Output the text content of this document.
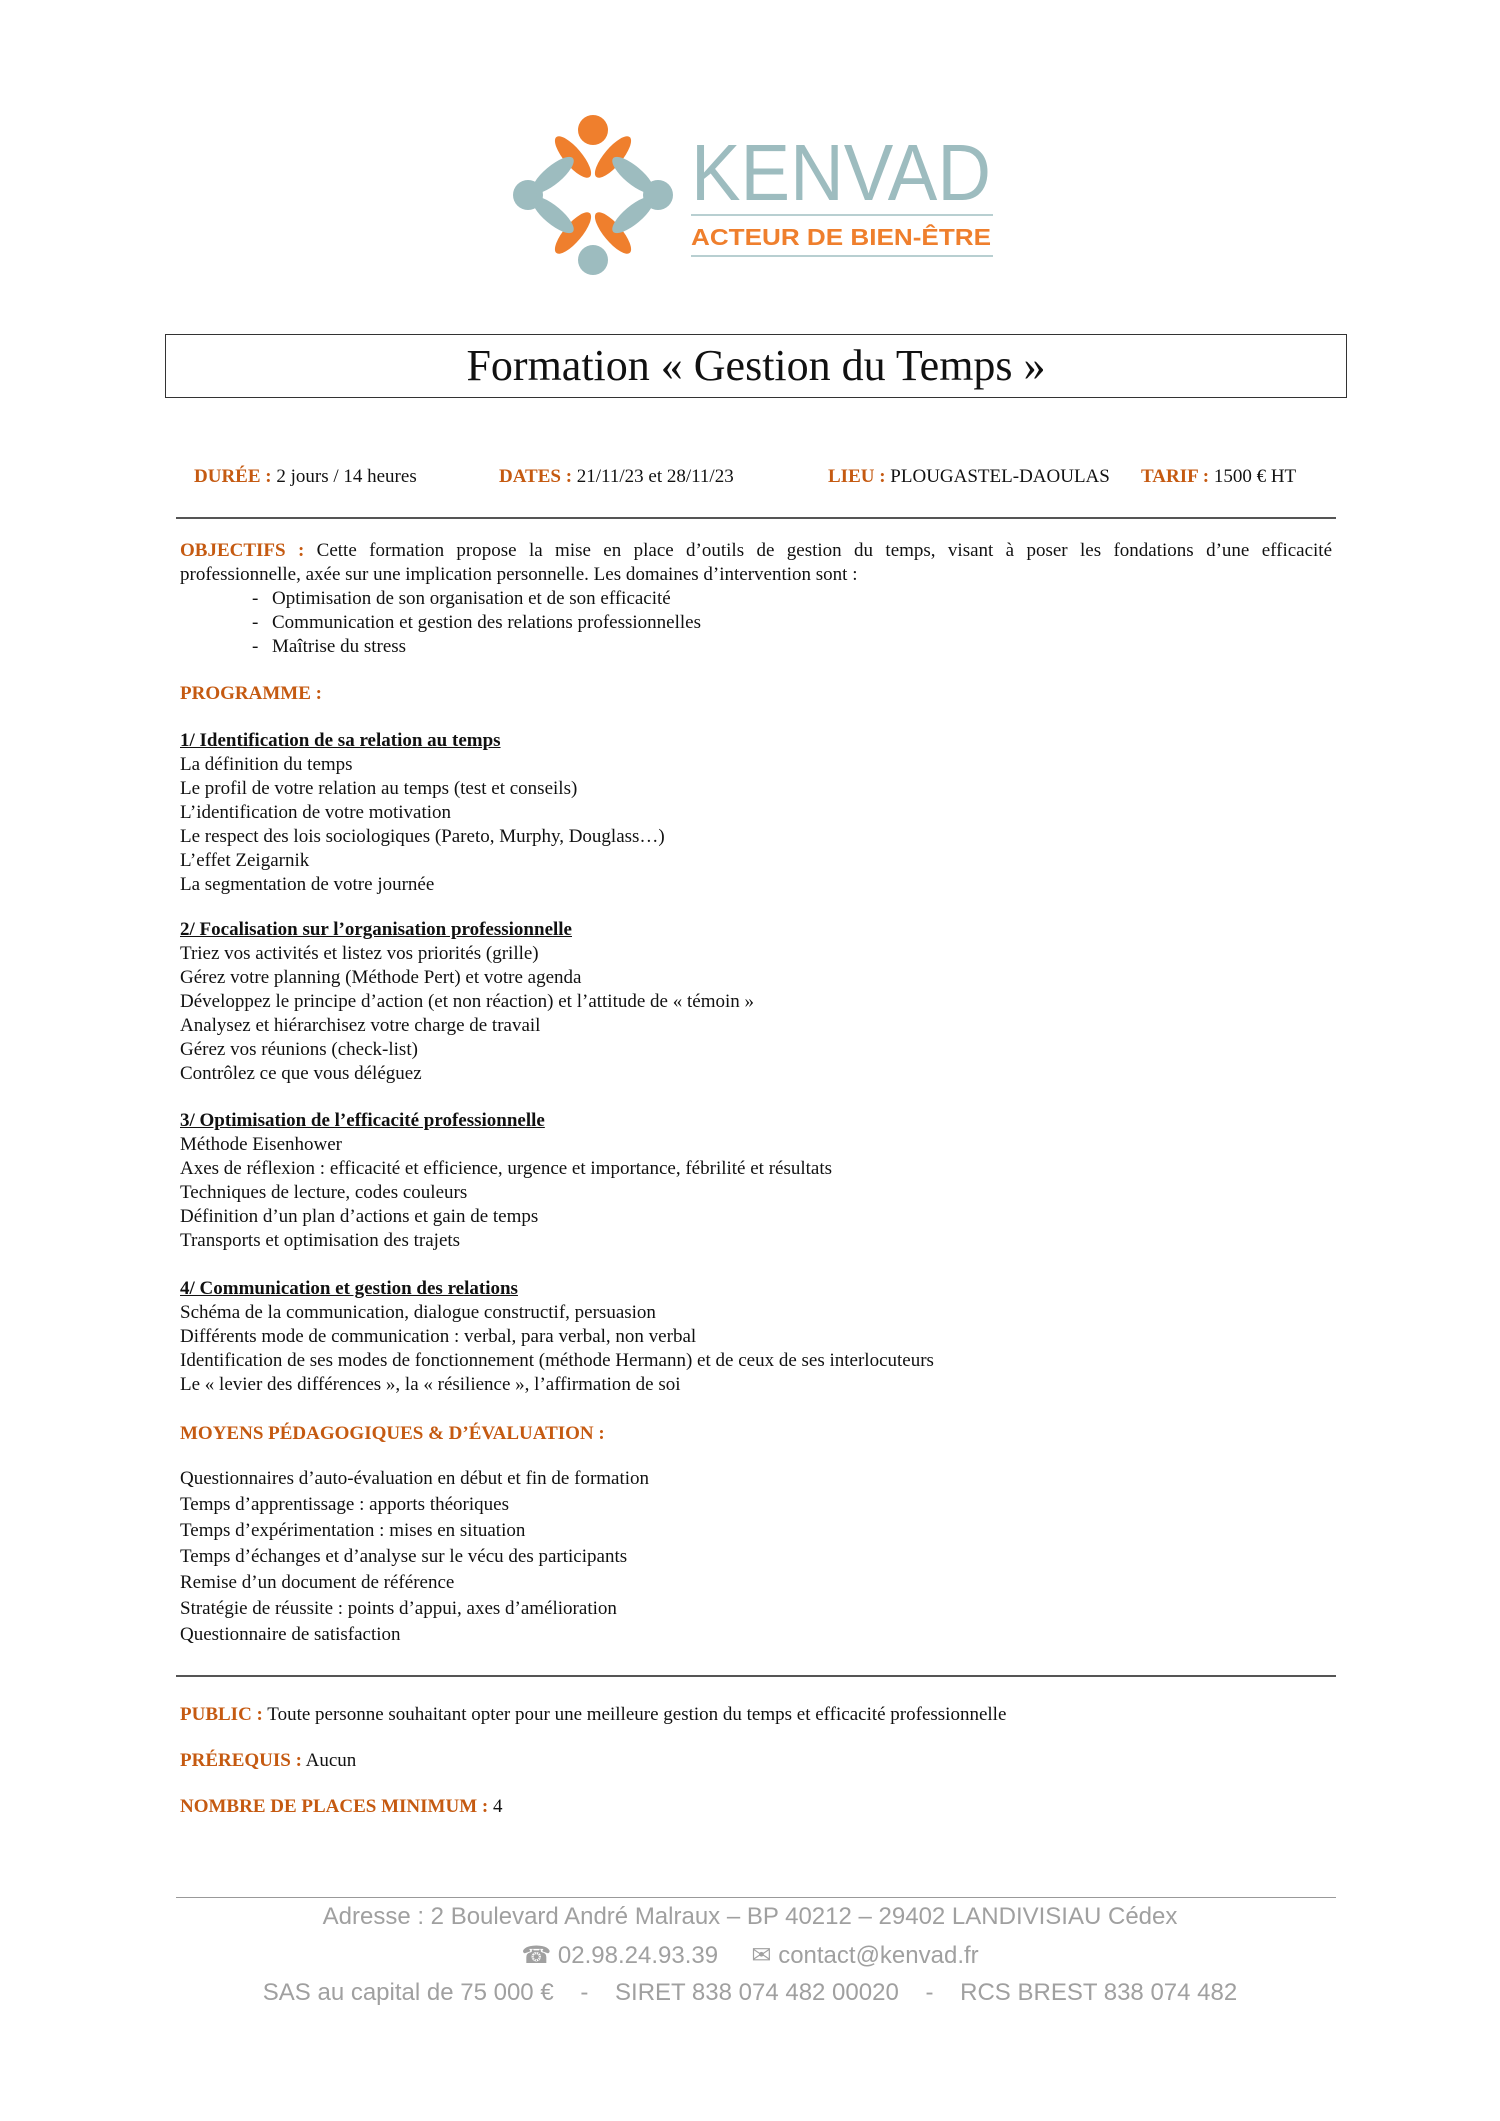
KENVAD
ACTEUR DE BIEN-ÊTRE
Formation « Gestion du Temps »
DURÉE : 2 jours / 14 heures	DATES : 21/11/23 et 28/11/23	LIEU : PLOUGASTEL-DAOULAS TARIF : 1500 € HT
OBJECTIFS : Cette formation propose la mise en place d’outils de gestion du temps, visant à poser les fondations d’une efficacité
professionnelle, axée sur une implication personnelle. Les domaines d’intervention sont :
- Optimisation de son organisation et de son efficacité
- Communication et gestion des relations professionnelles
- Maîtrise du stress
PROGRAMME :
1/ Identification de sa relation au temps
La définition du temps
Le profil de votre relation au temps (test et conseils)
L’identification de votre motivation
Le respect des lois sociologiques (Pareto, Murphy, Douglass…)
L’effet Zeigarnik
La segmentation de votre journée
2/ Focalisation sur l’organisation professionnelle
Triez vos activités et listez vos priorités (grille)
Gérez votre planning (Méthode Pert) et votre agenda
Développez le principe d’action (et non réaction) et l’attitude de « témoin »
Analysez et hiérarchisez votre charge de travail
Gérez vos réunions (check-list)
Contrôlez ce que vous déléguez
3/ Optimisation de l’efficacité professionnelle
Méthode Eisenhower
Axes de réflexion : efficacité et efficience, urgence et importance, fébrilité et résultats
Techniques de lecture, codes couleurs
Définition d’un plan d’actions et gain de temps
Transports et optimisation des trajets
4/ Communication et gestion des relations
Schéma de la communication, dialogue constructif, persuasion
Différents mode de communication : verbal, para verbal, non verbal
Identification de ses modes de fonctionnement (méthode Hermann) et de ceux de ses interlocuteurs
Le « levier des différences », la « résilience », l’affirmation de soi
MOYENS PÉDAGOGIQUES & D’ÉVALUATION :
Questionnaires d’auto-évaluation en début et fin de formation
Temps d’apprentissage : apports théoriques
Temps d’expérimentation : mises en situation
Temps d’échanges et d’analyse sur le vécu des participants
Remise d’un document de référence
Stratégie de réussite : points d’appui, axes d’amélioration
Questionnaire de satisfaction
PUBLIC : Toute personne souhaitant opter pour une meilleure gestion du temps et efficacité professionnelle
PRÉREQUIS : Aucun
NOMBRE DE PLACES MINIMUM : 4
Adresse : 2 Boulevard André Malraux – BP 40212 – 29402 LANDIVISIAU Cédex
☎ 02.98.24.93.39 ✉ contact@kenvad.fr
SAS au capital de 75 000 € - SIRET 838 074 482 00020 - RCS BREST 838 074 482
